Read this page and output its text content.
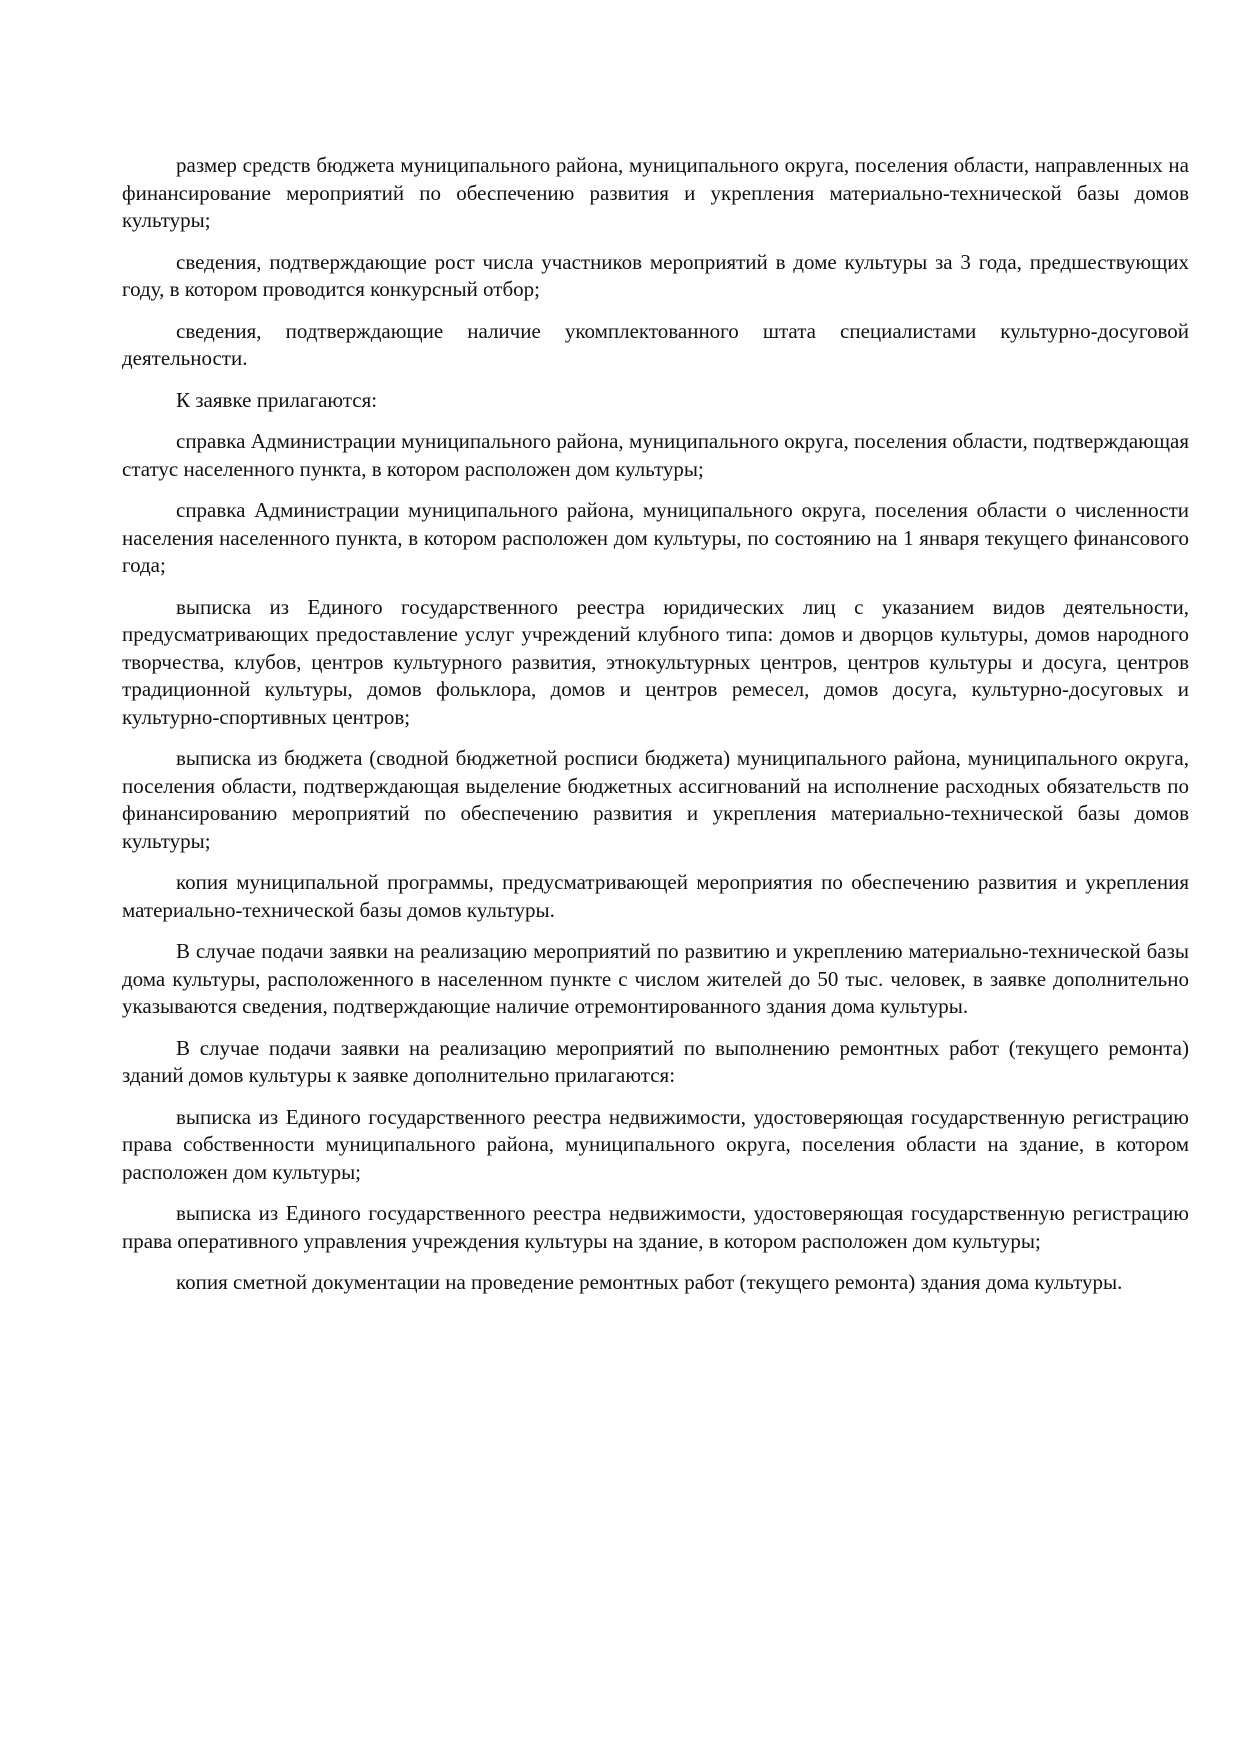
размер средств бюджета муниципального района, муниципального округа, поселения области, направленных на финансирование мероприятий по обеспечению развития и укрепления материально-технической базы домов культуры;

сведения, подтверждающие рост числа участников мероприятий в доме культуры за 3 года, предшествующих году, в котором проводится конкурсный отбор;

сведения, подтверждающие наличие укомплектованного штата специалистами культурно-досуговой деятельности.

К заявке прилагаются:

справка Администрации муниципального района, муниципального округа, поселения области, подтверждающая статус населенного пункта, в котором расположен дом культуры;

справка Администрации муниципального района, муниципального округа, поселения области о численности населения населенного пункта, в котором расположен дом культуры, по состоянию на 1 января текущего финансового года;

выписка из Единого государственного реестра юридических лиц с указанием видов деятельности, предусматривающих предоставление услуг учреждений клубного типа: домов и дворцов культуры, домов народного творчества, клубов, центров культурного развития, этнокультурных центров, центров культуры и досуга, центров традиционной культуры, домов фольклора, домов и центров ремесел, домов досуга, культурно-досуговых и культурно-спортивных центров;

выписка из бюджета (сводной бюджетной росписи бюджета) муниципального района, муниципального округа, поселения области, подтверждающая выделение бюджетных ассигнований на исполнение расходных обязательств по финансированию мероприятий по обеспечению развития и укрепления материально-технической базы домов культуры;

копия муниципальной программы, предусматривающей мероприятия по обеспечению развития и укрепления материально-технической базы домов культуры.

В случае подачи заявки на реализацию мероприятий по развитию и укреплению материально-технической базы дома культуры, расположенного в населенном пункте с числом жителей до 50 тыс. человек, в заявке дополнительно указываются сведения, подтверждающие наличие отремонтированного здания дома культуры.

В случае подачи заявки на реализацию мероприятий по выполнению ремонтных работ (текущего ремонта) зданий домов культуры к заявке дополнительно прилагаются:

выписка из Единого государственного реестра недвижимости, удостоверяющая государственную регистрацию права собственности муниципального района, муниципального округа, поселения области на здание, в котором расположен дом культуры;

выписка из Единого государственного реестра недвижимости, удостоверяющая государственную регистрацию права оперативного управления учреждения культуры на здание, в котором расположен дом культуры;

копия сметной документации на проведение ремонтных работ (текущего ремонта) здания дома культуры.
